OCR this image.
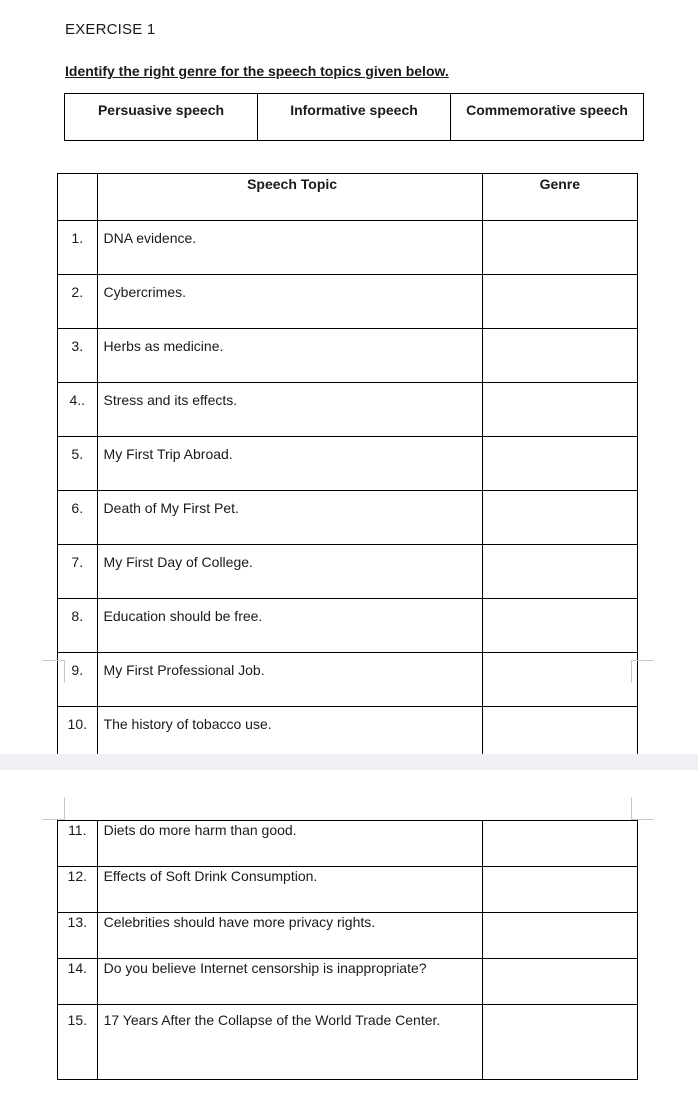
EXERCISE 1
Identify the right genre for the speech topics given below.
Persuasive speech	Informative speech	Commemorative speech
	Speech Topic	Genre
1.	DNA evidence.	
2.	Cybercrimes.	
3.	Herbs as medicine.	
4..	Stress and its effects.	
5.	My First Trip Abroad.	
6.	Death of My First Pet.	
7.	My First Day of College.	
8.	Education should be free.	
9.	My First Professional Job.	
10.	The history of tobacco use.	
11.	Diets do more harm than good.	
12.	Effects of Soft Drink Consumption.	
13.	Celebrities should have more privacy rights.	
14.	Do you believe Internet censorship is inappropriate?	
15.	17 Years After the Collapse of the World Trade Center.	
